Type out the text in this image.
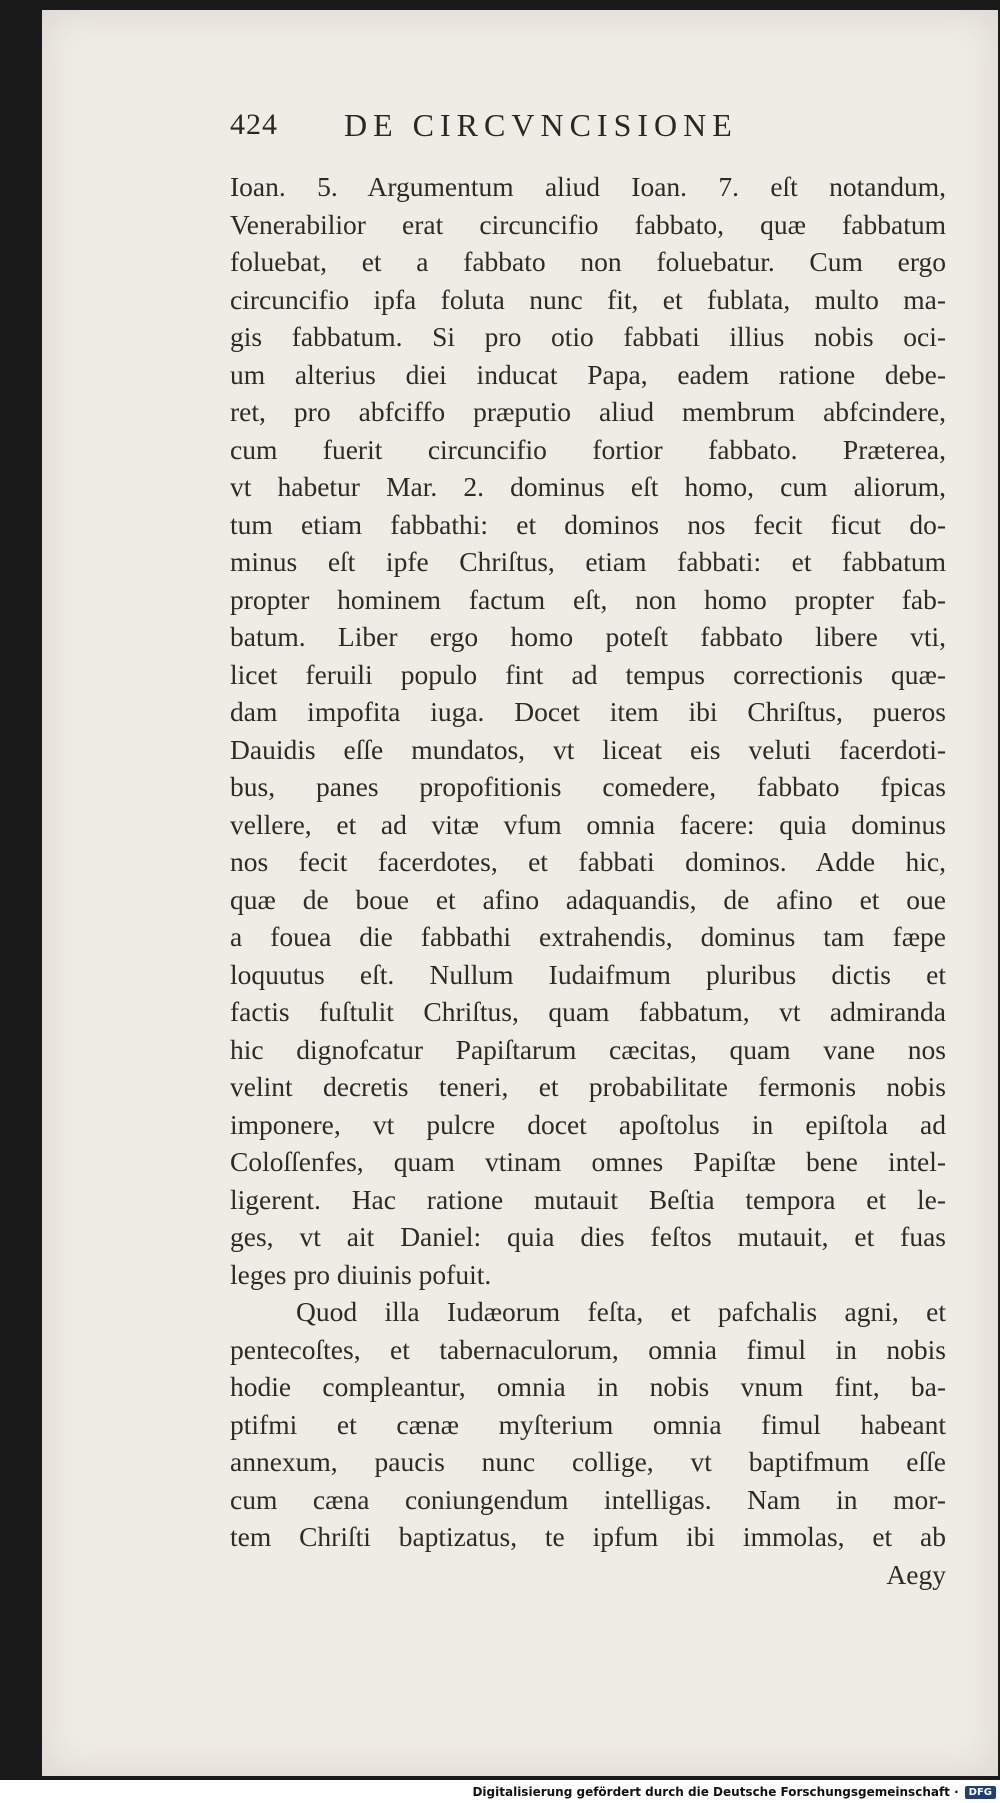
424 DE CIRCVNCISIONE
Ioan. 5. Argumentum aliud Ioan. 7. eſt notandum,
Venerabilior erat circuncifio fabbato, quæ fabbatum
foluebat, et a fabbato non foluebatur. Cum ergo
circuncifio ipfa foluta nunc fit, et fublata, multo ma-
gis fabbatum. Si pro otio fabbati illius nobis oci-
um alterius diei inducat Papa, eadem ratione debe-
ret, pro abfciffo præputio aliud membrum abfcindere,
cum fuerit circuncifio fortior fabbato. Præterea,
vt habetur Mar. 2. dominus eſt homo, cum aliorum,
tum etiam fabbathi: et dominos nos fecit ficut do-
minus eſt ipfe Chriſtus, etiam fabbati: et fabbatum
propter hominem factum eſt, non homo propter fab-
batum. Liber ergo homo poteſt fabbato libere vti,
licet feruili populo fint ad tempus correctionis quæ-
dam impofita iuga. Docet item ibi Chriſtus, pueros
Dauidis eſſe mundatos, vt liceat eis veluti facerdoti-
bus, panes propofitionis comedere, fabbato fpicas
vellere, et ad vitæ vfum omnia facere: quia dominus
nos fecit facerdotes, et fabbati dominos. Adde hic,
quæ de boue et afino adaquandis, de afino et oue
a fouea die fabbathi extrahendis, dominus tam fæpe
loquutus eſt. Nullum Iudaifmum pluribus dictis et
factis fuſtulit Chriſtus, quam fabbatum, vt admiranda
hic dignofcatur Papiſtarum cæcitas, quam vane nos
velint decretis teneri, et probabilitate fermonis nobis
imponere, vt pulcre docet apoſtolus in epiſtola ad
Coloſſenfes, quam vtinam omnes Papiſtæ bene intel-
ligerent. Hac ratione mutauit Beſtia tempora et le-
ges, vt ait Daniel: quia dies feſtos mutauit, et fuas
leges pro diuinis pofuit.
Quod illa Iudæorum feſta, et pafchalis agni, et
pentecoſtes, et tabernaculorum, omnia fimul in nobis
hodie compleantur, omnia in nobis vnum fint, ba-
ptifmi et cænæ myſterium omnia fimul habeant
annexum, paucis nunc collige, vt baptifmum eſſe
cum cæna coniungendum intelligas. Nam in mor-
tem Chriſti baptizatus, te ipfum ibi immolas, et ab
Aegy
Digitalisierung gefördert durch die Deutsche Forschungsgemeinschaft ·	DFG
